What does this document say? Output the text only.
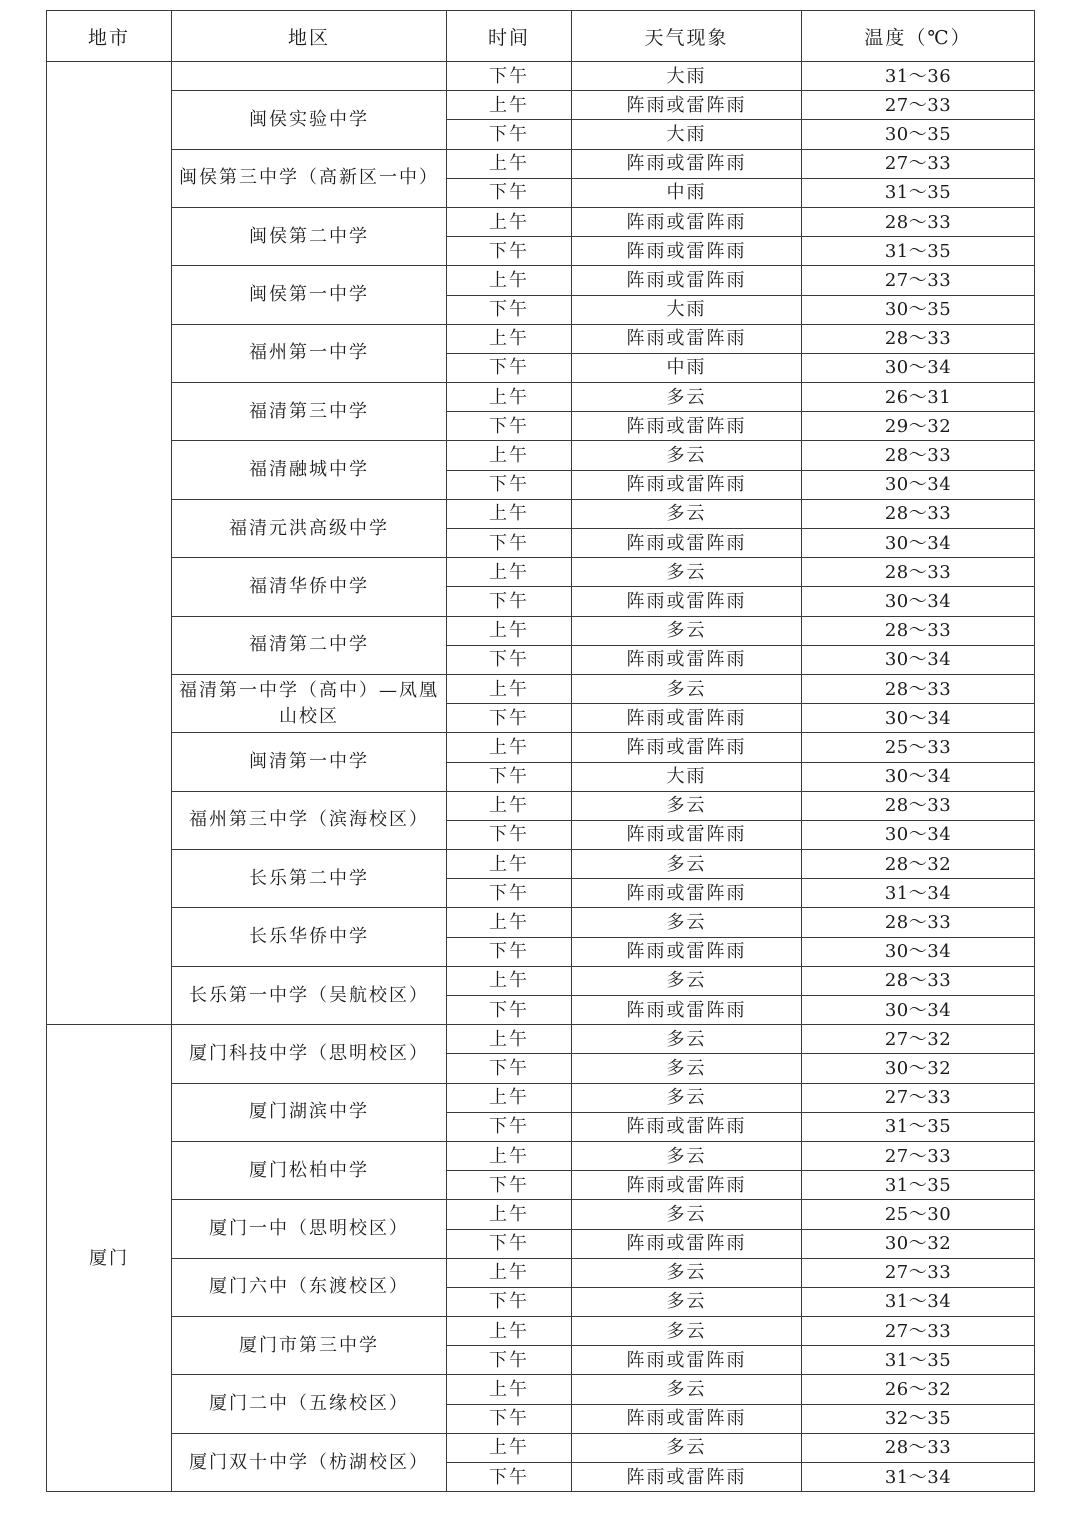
地市	地区	时间	天气现象	温度（℃）
		下午	大雨	31～36
	闽侯实验中学	上午	阵雨或雷阵雨	27～33
		下午	大雨	30～35
	闽侯第三中学（高新区一中）	上午	阵雨或雷阵雨	27～33
		下午	中雨	31～35
	闽侯第二中学	上午	阵雨或雷阵雨	28～33
		下午	阵雨或雷阵雨	31～35
	闽侯第一中学	上午	阵雨或雷阵雨	27～33
		下午	大雨	30～35
	福州第一中学	上午	阵雨或雷阵雨	28～33
		下午	中雨	30～34
	福清第三中学	上午	多云	26～31
		下午	阵雨或雷阵雨	29～32
	福清融城中学	上午	多云	28～33
		下午	阵雨或雷阵雨	30～34
	福清元洪高级中学	上午	多云	28～33
		下午	阵雨或雷阵雨	30～34
	福清华侨中学	上午	多云	28～33
		下午	阵雨或雷阵雨	30～34
	福清第二中学	上午	多云	28～33
		下午	阵雨或雷阵雨	30～34
	福清第一中学（高中）—凤凰山校区	上午	多云	28～33
		下午	阵雨或雷阵雨	30～34
	闽清第一中学	上午	阵雨或雷阵雨	25～33
		下午	大雨	30～34
	福州第三中学（滨海校区）	上午	多云	28～33
		下午	阵雨或雷阵雨	30～34
	长乐第二中学	上午	多云	28～32
		下午	阵雨或雷阵雨	31～34
	长乐华侨中学	上午	多云	28～33
		下午	阵雨或雷阵雨	30～34
	长乐第一中学（吴航校区）	上午	多云	28～33
		下午	阵雨或雷阵雨	30～34
厦门	厦门科技中学（思明校区）	上午	多云	27～32
		下午	多云	30～32
	厦门湖滨中学	上午	多云	27～33
		下午	阵雨或雷阵雨	31～35
	厦门松柏中学	上午	多云	27～33
		下午	阵雨或雷阵雨	31～35
	厦门一中（思明校区）	上午	多云	25～30
		下午	阵雨或雷阵雨	30～32
	厦门六中（东渡校区）	上午	多云	27～33
		下午	多云	31～34
	厦门市第三中学	上午	多云	27～33
		下午	阵雨或雷阵雨	31～35
	厦门二中（五缘校区）	上午	多云	26～32
		下午	阵雨或雷阵雨	32～35
	厦门双十中学（枋湖校区）	上午	多云	28～33
		下午	阵雨或雷阵雨	31～34
